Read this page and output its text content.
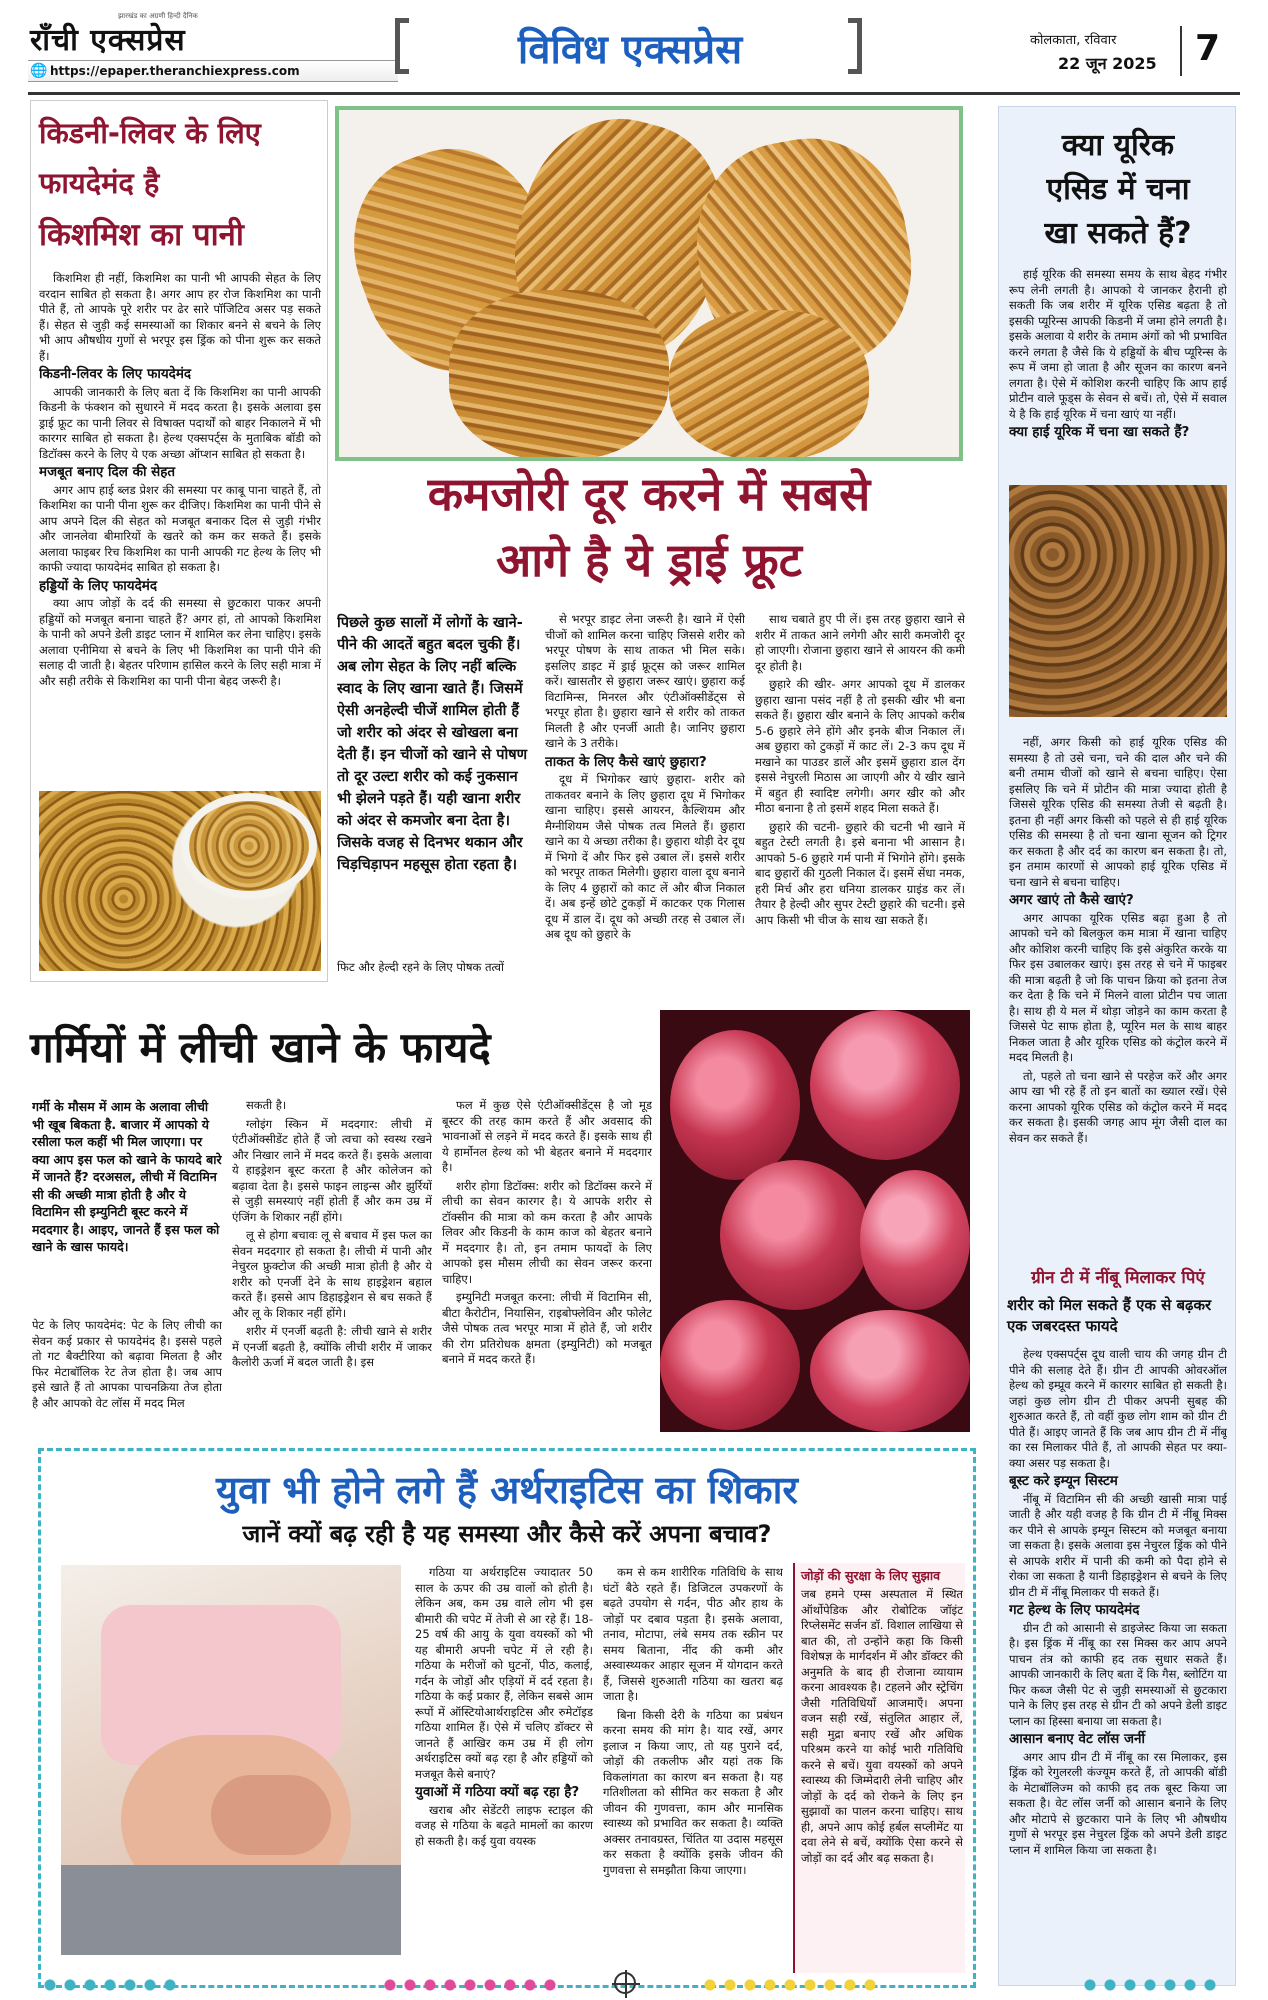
राँची एक्सप्रेस
झारखंड का अग्रणी हिन्दी दैनिक
🌐 https://epaper.theranchiexpress.com	विविध एक्सप्रेस	कोलकाता, रविवार
22 जून 2025 7
किडनी-लिवर के लिए
फायदेमंद है
किशमिश का पानी

किशमिश ही नहीं, किशमिश का पानी भी आपकी सेहत के लिए वरदान साबित हो सकता है। अगर आप हर रोज किशमिश का पानी पीते हैं, तो आपके पूरे शरीर पर ढेर सारे पॉजिटिव असर पड़ सकते हैं। सेहत से जुड़ी कई समस्याओं का शिकार बनने से बचने के लिए भी आप औषधीय गुणों से भरपूर इस ड्रिंक को पीना शुरू कर सकते हैं।

किडनी-लिवर के लिए फायदेमंद

आपकी जानकारी के लिए बता दें कि किशमिश का पानी आपकी किडनी के फंक्शन को सुधारने में मदद करता है। इसके अलावा इस ड्राई फ्रूट का पानी लिवर से विषाक्त पदार्थों को बाहर निकालने में भी कारगर साबित हो सकता है। हेल्थ एक्सपर्ट्स के मुताबिक बॉडी को डिटॉक्स करने के लिए ये एक अच्छा ऑप्शन साबित हो सकता है।

मजबूत बनाए दिल की सेहत

अगर आप हाई ब्लड प्रेशर की समस्या पर काबू पाना चाहते हैं, तो किशमिश का पानी पीना शुरू कर दीजिए। किशमिश का पानी पीने से आप अपने दिल की सेहत को मजबूत बनाकर दिल से जुड़ी गंभीर और जानलेवा बीमारियों के खतरे को कम कर सकते हैं। इसके अलावा फाइबर रिच किशमिश का पानी आपकी गट हेल्थ के लिए भी काफी ज्यादा फायदेमंद साबित हो सकता है।

हड्डियों के लिए फायदेमंद

क्या आप जोड़ों के दर्द की समस्या से छुटकारा पाकर अपनी हड्डियों को मजबूत बनाना चाहते हैं? अगर हां, तो आपको किशमिश के पानी को अपने डेली डाइट प्लान में शामिल कर लेना चाहिए। इसके अलावा एनीमिया से बचने के लिए भी किशमिश का पानी पीने की सलाह दी जाती है। बेहतर परिणाम हासिल करने के लिए सही मात्रा में और सही तरीके से किशमिश का पानी पीना बेहद जरूरी है।

कमजोरी दूर करने में सबसे
आगे है ये ड्राई फ्रूट
पिछले कुछ सालों में लोगों के खाने-पीने की आदतें बहुत बदल चुकी हैं। अब लोग सेहत के लिए नहीं बल्कि स्वाद के लिए खाना खाते हैं। जिसमें ऐसी अनहेल्दी चीजें शामिल होती हैं जो शरीर को अंदर से खोखला बना देती हैं। इन चीजों को खाने से पोषण तो दूर उल्टा शरीर को कई नुकसान भी झेलने पड़ते हैं। यही खाना शरीर को अंदर से कमजोर बना देता है। जिसके वजह से दिनभर थकान और चिड़चिड़ापन महसूस होता रहता है।
फिट और हेल्दी रहने के लिए पोषक तत्वों

से भरपूर डाइट लेना जरूरी है। खाने में ऐसी चीजों को शामिल करना चाहिए जिससे शरीर को भरपूर पोषण के साथ ताकत भी मिल सके। इसलिए डाइट में ड्राई फ्रूट्स को जरूर शामिल करें। खासतौर से छुहारा जरूर खाएं। छुहारा कई विटामिन्स, मिनरल और एंटीऑक्सीडेंट्स से भरपूर होता है। छुहारा खाने से शरीर को ताकत मिलती है और एनर्जी आती है। जानिए छुहारा खाने के 3 तरीके।

ताकत के लिए कैसे खाएं छुहारा?

दूध में भिगोकर खाएं छुहारा- शरीर को ताकतवर बनाने के लिए छुहारा दूध में भिगोकर खाना चाहिए। इससे आयरन, कैल्शियम और मैग्नीशियम जैसे पोषक तत्व मिलते हैं। छुहारा खाने का ये अच्छा तरीका है। छुहारा थोड़ी देर दूध में भिगो दें और फिर इसे उबाल लें। इससे शरीर को भरपूर ताकत मिलेगी। छुहारा वाला दूध बनाने के लिए 4 छुहारों को काट लें और बीज निकाल दें। अब इन्हें छोटे टुकड़ों में काटकर एक गिलास दूध में डाल दें। दूध को अच्छी तरह से उबाल लें। अब दूध को छुहारे के

साथ चबाते हुए पी लें। इस तरह छुहारा खाने से शरीर में ताकत आने लगेगी और सारी कमजोरी दूर हो जाएगी। रोजाना छुहारा खाने से आयरन की कमी दूर होती है।

छुहारे की खीर- अगर आपको दूध में डालकर छुहारा खाना पसंद नहीं है तो इसकी खीर भी बना सकते हैं। छुहारा खीर बनाने के लिए आपको करीब 5-6 छुहारे लेने होंगे और इनके बीज निकाल लें। अब छुहारा को टुकड़ों में काट लें। 2-3 कप दूध में मखाने का पाउडर डालें और इसमें छुहारा डाल देंग इससे नेचुरली मिठास आ जाएगी और ये खीर खाने में बहुत ही स्वादिष्ट लगेगी। अगर खीर को और मीठा बनाना है तो इसमें शहद मिला सकते हैं।

छुहारे की चटनी- छुहारे की चटनी भी खाने में बहुत टेस्टी लगती है। इसे बनाना भी आसान है। आपको 5-6 छुहारे गर्म पानी में भिगोने होंगे। इसके बाद छुहारों की गुठली निकाल दें। इसमें सेंधा नमक, हरी मिर्च और हरा धनिया डालकर ग्राइंड कर लें। तैयार है हेल्दी और सुपर टेस्टी छुहारे की चटनी। इसे आप किसी भी चीज के साथ खा सकते हैं।

क्या यूरिक
एसिड में चना
खा सकते हैं?

हाई यूरिक की समस्या समय के साथ बेहद गंभीर रूप लेनी लगती है। आपको ये जानकर हैरानी हो सकती कि जब शरीर में यूरिक एसिड बढ़ता है तो इसकी प्यूरिन्स आपकी किडनी में जमा होने लगती है। इसके अलावा ये शरीर के तमाम अंगों को भी प्रभावित करने लगता है जैसे कि ये हड्डियों के बीच प्यूरिन्स के रूप में जमा हो जाता है और सूजन का कारण बनने लगता है। ऐसे में कोशिश करनी चाहिए कि आप हाई प्रोटीन वाले फूड्स के सेवन से बचें। तो, ऐसे में सवाल ये है कि हाई यूरिक में चना खाएं या नहीं।

क्या हाई यूरिक में चना खा सकते हैं?

नहीं, अगर किसी को हाई यूरिक एसिड की समस्या है तो उसे चना, चने की दाल और चने की बनी तमाम चीजों को खाने से बचना चाहिए। ऐसा इसलिए कि चने में प्रोटीन की मात्रा ज्यादा होती है जिससे यूरिक एसिड की समस्या तेजी से बढ़ती है। इतना ही नहीं अगर किसी को पहले से ही हाई यूरिक एसिड की समस्या है तो चना खाना सूजन को ट्रिगर कर सकता है और दर्द का कारण बन सकता है। तो, इन तमाम कारणों से आपको हाई यूरिक एसिड में चना खाने से बचना चाहिए।

अगर खाएं तो कैसे खाएं?

अगर आपका यूरिक एसिड बढ़ा हुआ है तो आपको चने को बिलकुल कम मात्रा में खाना चाहिए और कोशिश करनी चाहिए कि इसे अंकुरित करके या फिर इस उबालकर खाएं। इस तरह से चने में फाइबर की मात्रा बढ़ती है जो कि पाचन क्रिया को इतना तेज कर देता है कि चने में मिलने वाला प्रोटीन पच जाता है। साथ ही ये मल में थोड़ा जोड़ने का काम करता है जिससे पेट साफ होता है, प्यूरिन मल के साथ बाहर निकल जाता है और यूरिक एसिड को कंट्रोल करने में मदद मिलती है।

तो, पहले तो चना खाने से परहेज करें और अगर आप खा भी रहे हैं तो इन बातों का ख्याल रखें। ऐसे करना आपको यूरिक एसिड को कंट्रोल करने में मदद कर सकता है। इसकी जगह आप मूंग जैसी दाल का सेवन कर सकते हैं।

ग्रीन टी में नींबू मिलाकर पिएं
शरीर को मिल सकते हैं एक से बढ़कर एक जबरदस्त फायदे

हेल्थ एक्सपर्ट्स दूध वाली चाय की जगह ग्रीन टी पीने की सलाह देते हैं। ग्रीन टी आपकी ओवरऑल हेल्थ को इम्प्रूव करने में कारगर साबित हो सकती है। जहां कुछ लोग ग्रीन टी पीकर अपनी सुबह की शुरुआत करते हैं, तो वहीं कुछ लोग शाम को ग्रीन टी पीते हैं। आइए जानते हैं कि जब आप ग्रीन टी में नींबू का रस मिलाकर पीते हैं, तो आपकी सेहत पर क्या-क्या असर पड़ सकता है।

बूस्ट करे इम्यून सिस्टम

नींबू में विटामिन सी की अच्छी खासी मात्रा पाई जाती है और यही वजह है कि ग्रीन टी में नींबू मिक्स कर पीने से आपके इम्यून सिस्टम को मजबूत बनाया जा सकता है। इसके अलावा इस नेचुरल ड्रिंक को पीने से आपके शरीर में पानी की कमी को पैदा होने से रोका जा सकता है यानी डिहाइड्रेशन से बचने के लिए ग्रीन टी में नींबू मिलाकर पी सकते हैं।

गट हेल्थ के लिए फायदेमंद

ग्रीन टी को आसानी से डाइजेस्ट किया जा सकता है। इस ड्रिंक में नींबू का रस मिक्स कर आप अपने पाचन तंत्र को काफी हद तक सुधार सकते हैं। आपकी जानकारी के लिए बता दें कि गैस, ब्लोटिंग या फिर कब्ज जैसी पेट से जुड़ी समस्याओं से छुटकारा पाने के लिए इस तरह से ग्रीन टी को अपने डेली डाइट प्लान का हिस्सा बनाया जा सकता है।

आसान बनाए वेट लॉस जर्नी

अगर आप ग्रीन टी में नींबू का रस मिलाकर, इस ड्रिंक को रेगुलरली कंज्यूम करते हैं, तो आपकी बॉडी के मेटाबॉलिज्म को काफी हद तक बूस्ट किया जा सकता है। वेट लॉस जर्नी को आसान बनाने के लिए और मोटापे से छुटकारा पाने के लिए भी औषधीय गुणों से भरपूर इस नेचुरल ड्रिंक को अपने डेली डाइट प्लान में शामिल किया जा सकता है।

गर्मियों में लीची खाने के फायदे
गर्मी के मौसम में आम के अलावा लीची भी खूब बिकता है. बाजार में आपको ये रसीला फल कहीं भी मिल जाएगा। पर क्या आप इस फल को खाने के फायदे बारे में जानते हैं? दरअसल, लीची में विटामिन सी की अच्छी मात्रा होती है और ये विटामिन सी इम्युनिटी बूस्ट करने में मददगार है। आइए, जानते हैं इस फल को खाने के खास फायदे।
पेट के लिए फायदेमंद: पेट के लिए लीची का सेवन कई प्रकार से फायदेमंद है। इससे पहले तो गट बैक्टीरिया को बढ़ावा मिलता है और फिर मेटाबॉलिक रेट तेज होता है। जब आप इसे खाते हैं तो आपका पाचनक्रिया तेज होता है और आपको वेट लॉस में मदद मिल

सकती है।

ग्लोइंग स्किन में मददगार: लीची में एंटीऑक्सीडेंट होते हैं जो त्वचा को स्वस्थ रखने और निखार लाने में मदद करते हैं। इसके अलावा ये हाइड्रेशन बूस्ट करता है और कोलेजन को बढ़ावा देता है। इससे फाइन लाइन्स और झुर्रियों से जुड़ी समस्याएं नहीं होती हैं और कम उम्र में एंजिंग के शिकार नहीं होंगे।

लू से होगा बचावः लू से बचाव में इस फल का सेवन मददगार हो सकता है। लीची में पानी और नेचुरल फ्रुक्टोज की अच्छी मात्रा होती है और ये शरीर को एनर्जी देने के साथ हाइड्रेशन बहाल करते हैं। इससे आप डिहाइड्रेशन से बच सकते हैं और लू के शिकार नहीं होंगे।

शरीर में एनर्जी बढ़ती है: लीची खाने से शरीर में एनर्जी बढ़ती है, क्योंकि लीची शरीर में जाकर कैलोरी ऊर्जा में बदल जाती है। इस

फल में कुछ ऐसे एंटीऑक्सीडेंट्स है जो मूड बूस्टर की तरह काम करते हैं और अवसाद की भावनाओं से लड़ने में मदद करते हैं। इसके साथ ही ये हार्मोनल हेल्थ को भी बेहतर बनाने में मददगार है।

शरीर होगा डिटॉक्स: शरीर को डिटॉक्स करने में लीची का सेवन कारगर है। ये आपके शरीर से टॉक्सीन की मात्रा को कम करता है और आपके लिवर और किडनी के काम काज को बेहतर बनाने में मददगार है। तो, इन तमाम फायदों के लिए आपको इस मौसम लीची का सेवन जरूर करना चाहिए।

इम्युनिटी मजबूत करना: लीची में विटामिन सी, बीटा कैरोटीन, नियासिन, राइबोफ्लेविन और फोलेट जैसे पोषक तत्व भरपूर मात्रा में होते हैं, जो शरीर की रोग प्रतिरोधक क्षमता (इम्युनिटी) को मजबूत बनाने में मदद करते हैं।

युवा भी होने लगे हैं अर्थराइटिस का शिकार
जानें क्यों बढ़ रही है यह समस्या और कैसे करें अपना बचाव?

गठिया या अर्थराइटिस ज्यादातर 50 साल के ऊपर की उम्र वालों को होती है। लेकिन अब, कम उम्र वाले लोग भी इस बीमारी की चपेट में तेजी से आ रहे हैं। 18-25 वर्ष की आयु के युवा वयस्कों को भी यह बीमारी अपनी चपेट में ले रही है। गठिया के मरीजों को घुटनों, पीठ, कलाई, गर्दन के जोड़ों और एड़ियों में दर्द रहता है। गठिया के कई प्रकार हैं, लेकिन सबसे आम रूपों में ऑस्टियोआर्थराइटिस और रुमेटॉइड गठिया शामिल हैं। ऐसे में चलिए डॉक्टर से जानते हैं आखिर कम उम्र में ही लोग अर्थराइटिस क्यों बढ़ रहा है और हड्डियों को मजबूत कैसे बनाएं?

युवाओं में गठिया क्यों बढ़ रहा है?

खराब और सेडेंटरी लाइफ स्टाइल की वजह से गठिया के बढ़ते मामलों का कारण हो सकती है। कई युवा वयस्क

कम से कम शारीरिक गतिविधि के साथ घंटों बैठे रहते हैं। डिजिटल उपकरणों के बढ़ते उपयोग से गर्दन, पीठ और हाथ के जोड़ों पर दबाव पड़ता है। इसके अलावा, तनाव, मोटापा, लंबे समय तक स्क्रीन पर समय बिताना, नींद की कमी और अस्वास्थ्यकर आहार सूजन में योगदान करते हैं, जिससे शुरुआती गठिया का खतरा बढ़ जाता है।

बिना किसी देरी के गठिया का प्रबंधन करना समय की मांग है। याद रखें, अगर इलाज न किया जाए, तो यह पुराने दर्द, जोड़ों की तकलीफ और यहां तक कि विकलांगता का कारण बन सकता है। यह गतिशीलता को सीमित कर सकता है और जीवन की गुणवत्ता, काम और मानसिक स्वास्थ्य को प्रभावित कर सकता है। व्यक्ति अक्सर तनावग्रस्त, चिंतित या उदास महसूस कर सकता है क्योंकि इसके जीवन की गुणवत्ता से समझौता किया जाएगा।

जोड़ों की सुरक्षा के लिए सुझाव
जब हमने एम्स अस्पताल में स्थित ऑर्थोपेडिक और रोबोटिक जॉइंट रिप्लेसमेंट सर्जन डॉ. विशाल लाखिया से बात की, तो उन्होंने कहा कि किसी विशेषज्ञ के मार्गदर्शन में और डॉक्टर की अनुमति के बाद ही रोजाना व्यायाम करना आवश्यक है। टहलने और स्ट्रेचिंग जैसी गतिविधियाँ आजमाएँ। अपना वजन सही रखें, संतुलित आहार लें, सही मुद्रा बनाए रखें और अधिक परिश्रम करने या कोई भारी गतिविधि करने से बचें। युवा वयस्कों को अपने स्वास्थ्य की जिम्मेदारी लेनी चाहिए और जोड़ों के दर्द को रोकने के लिए इन सुझावों का पालन करना चाहिए। साथ ही, अपने आप कोई हर्बल सप्लीमेंट या दवा लेने से बचें, क्योंकि ऐसा करने से जोड़ों का दर्द और बढ़ सकता है।
